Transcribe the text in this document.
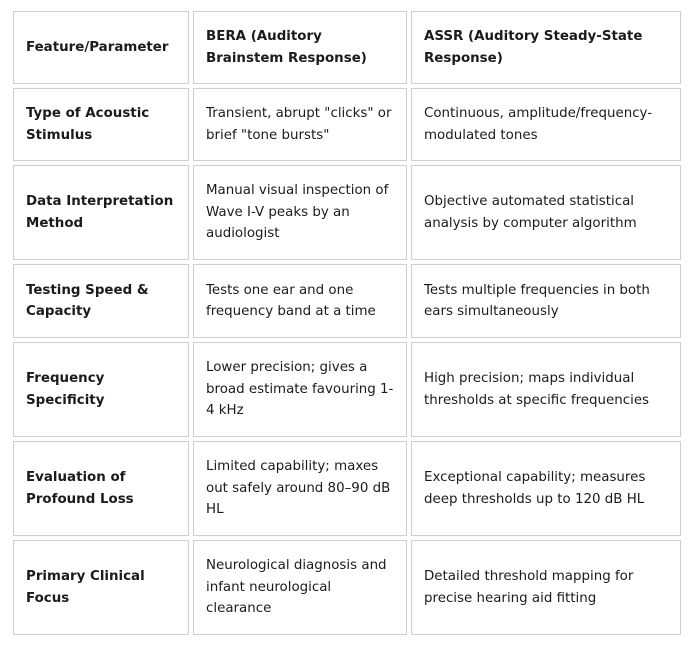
Feature/Parameter	BERA (Auditory Brainstem Response)	ASSR (Auditory Steady-State Response)
Type of Acoustic Stimulus	Transient, abrupt "clicks" or brief "tone bursts"	Continuous, amplitude/frequency-modulated tones
Data Interpretation Method	Manual visual inspection of Wave I-V peaks by an audiologist	Objective automated statistical analysis by computer algorithm
Testing Speed & Capacity	Tests one ear and one frequency band at a time	Tests multiple frequencies in both ears simultaneously
Frequency Specificity	Lower precision; gives a broad estimate favouring 1-4 kHz	High precision; maps individual thresholds at specific frequencies
Evaluation of Profound Loss	Limited capability; maxes out safely around 80–90 dB HL	Exceptional capability; measures deep thresholds up to 120 dB HL
Primary Clinical Focus	Neurological diagnosis and infant neurological clearance	Detailed threshold mapping for precise hearing aid fitting
